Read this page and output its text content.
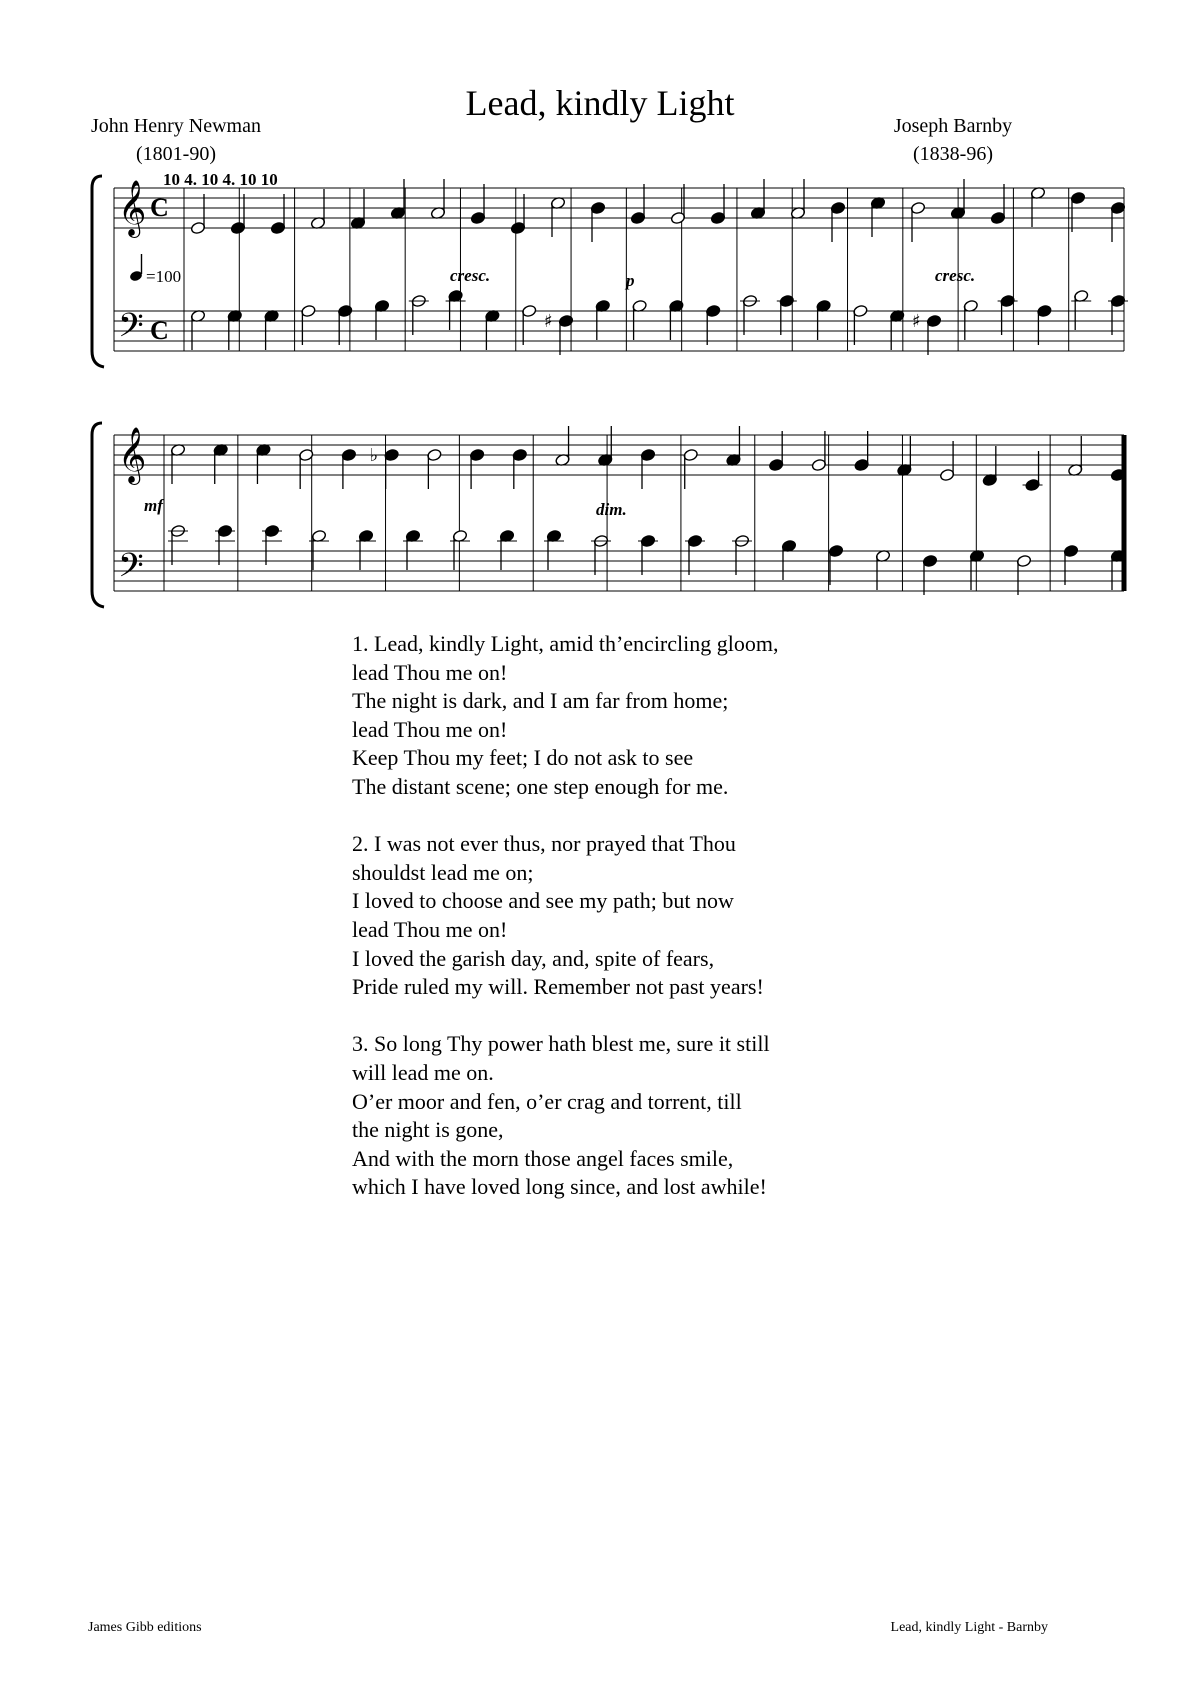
Lead, kindly Light
John Henry Newman
(1801-90)
Joseph Barnby
(1838-96)
10 4. 10 4. 10 10
𝄞
𝄢
C
C	♯	♯
𝄞
𝄢
♭
=100	cresc.	p	cresc.
mf	dim.

1. Lead, kindly Light, amid th’encircling gloom,

lead Thou me on!

The night is dark, and I am far from home;

lead Thou me on!

Keep Thou my feet; I do not ask to see

The distant scene; one step enough for me.

2. I was not ever thus, nor prayed that Thou

shouldst lead me on;

I loved to choose and see my path; but now

lead Thou me on!

I loved the garish day, and, spite of fears,

Pride ruled my will. Remember not past years!

3. So long Thy power hath blest me, sure it still

will lead me on.

O’er moor and fen, o’er crag and torrent, till

the night is gone,

And with the morn those angel faces smile,

which I have loved long since, and lost awhile!

James Gibb editions	Lead, kindly Light - Barnby
